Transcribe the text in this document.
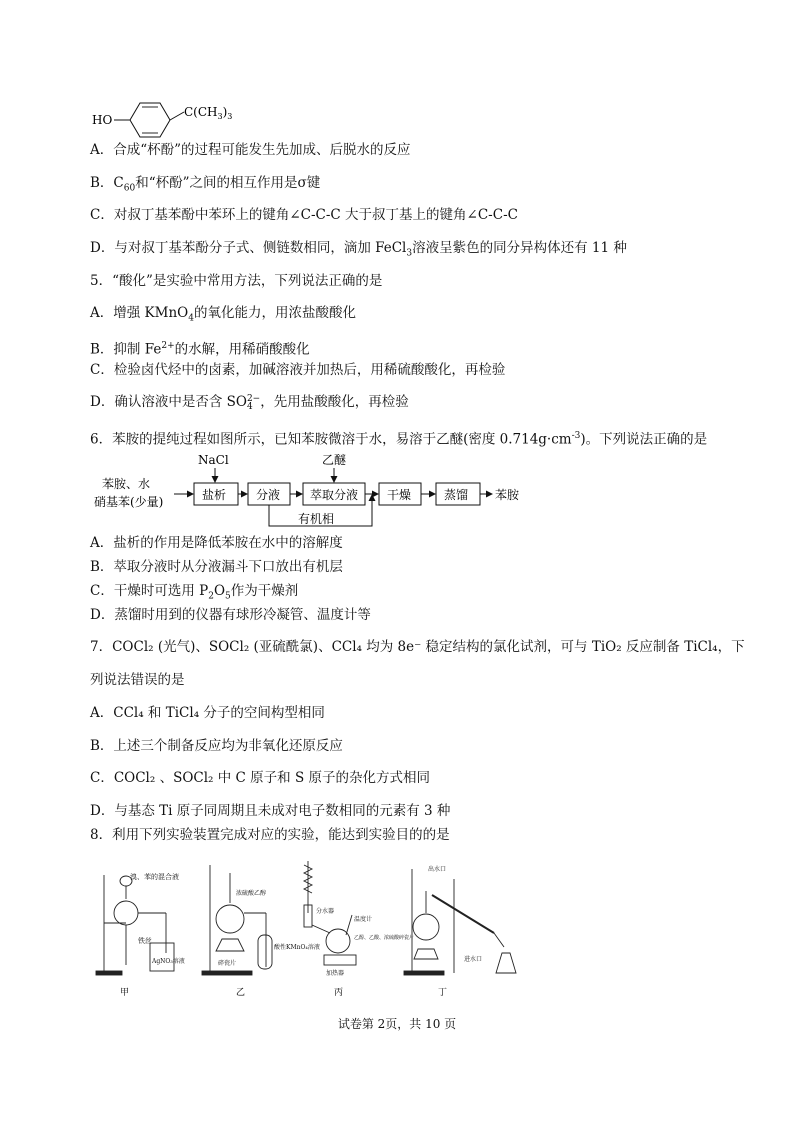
HO
$C(CH_3)_3$
A．合成“杯酚”的过程可能发生先加成、后脱水的反应
B．$C_{60}$和“杯酚”之间的相互作用是σ键
C．对叔丁基苯酚中苯环上的键角∠C-C-C 大于叔丁基上的键角∠C-C-C
D．与对叔丁基苯酚分子式、侧链数相同，滴加 FeCl$_3$溶液呈紫色的同分异构体还有 11 种
5．“酸化”是实验中常用方法，下列说法正确的是
A．增强 KMnO$_4$的氧化能力，用浓盐酸酸化
B．抑制 $Fe^{2+}$的水解，用稀硝酸酸化
C．检验卤代烃中的卤素，加碱溶液并加热后，用稀硫酸酸化，再检验
D．确认溶液中是否含 SO 2−
4 ，先用盐酸酸化，再检验
6．苯胺的提纯过程如图所示，已知苯胺微溶于水，易溶于乙醚(密度 $0.714g\cdot cm^{-3}$)。下列说法正确的是
苯胺、水
硝基苯(少量)
NaCl
盐析 分液
乙醚
萃取分液 干燥	蒸馏 苯胺
有机相
A．盐析的作用是降低苯胺在水中的溶解度
B．萃取分液时从分液漏斗下口放出有机层
C．干燥时可选用 $P_2O_5$作为干燥剂
D．蒸馏时用到的仪器有球形冷凝管、温度计等
7．COCl₂ (光气)、SOCl₂ (亚硫酰氯)、CCl₄ 均为 8e⁻ 稳定结构的氯化试剂，可与 TiO₂ 反应制备 TiCl₄，下
列说法错误的是
A．CCl₄ 和 TiCl₄ 分子的空间构型相同
B．上述三个制备反应均为非氧化还原反应
C．COCl₂ 、SOCl₂ 中 C 原子和 S 原子的杂化方式相同
D．与基态 Ti 原子同周期且未成对电子数相同的元素有 3 种
8．利用下列实验装置完成对应的实验，能达到实验目的的是
溴、苯的混合液
铁丝
AgNO₃溶液
浓硫酸乙醇
碎瓷片
酸性KMnO₄溶液
分水器
温度计
乙醇、乙酸、浓硫酸碎瓷片
加热器
出水口
进水口
甲	乙	丙	丁
试卷第 2页，共 10 页
